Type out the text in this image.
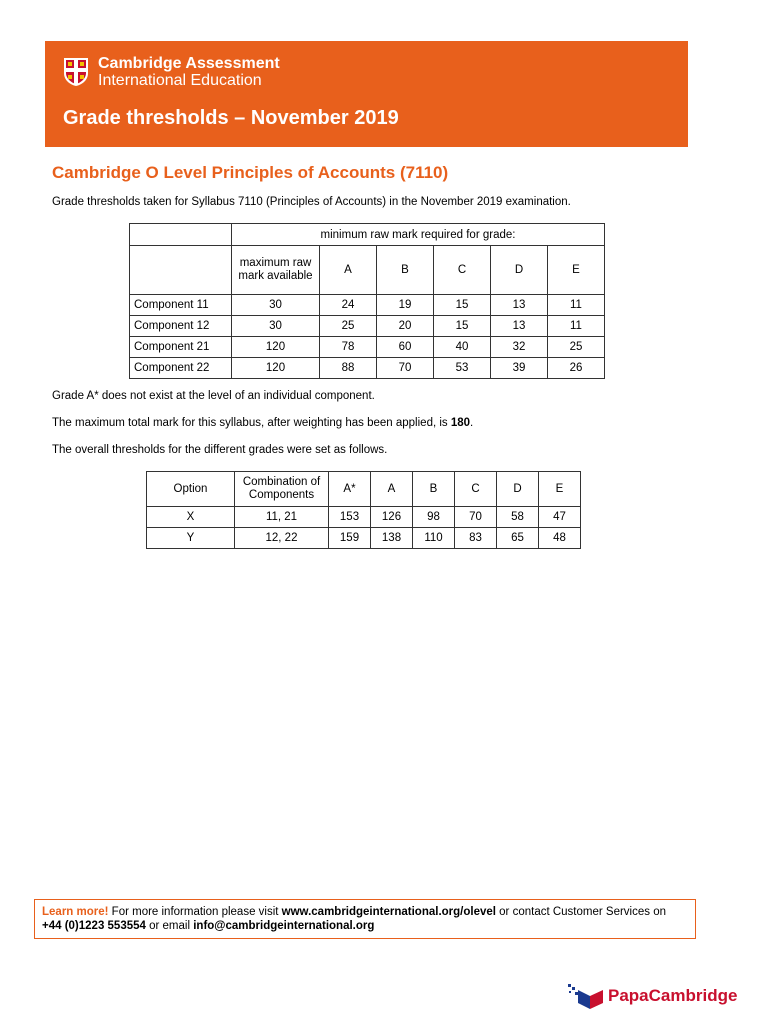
Cambridge Assessment
International Education
Grade thresholds – November 2019
Cambridge O Level Principles of Accounts (7110)
Grade thresholds taken for Syllabus 7110 (Principles of Accounts) in the November 2019 examination.
	minimum raw mark required for grade:					
	maximum raw mark available	A	B	C	D	E
Component 11	30	24	19	15	13	11
Component 12	30	25	20	15	13	11
Component 21	120	78	60	40	32	25
Component 22	120	88	70	53	39	26
Grade A* does not exist at the level of an individual component.
The maximum total mark for this syllabus, after weighting has been applied, is 180.
The overall thresholds for the different grades were set as follows.
Option	Combination of Components	A*	A	B	C	D	E
X	11, 21	153	126	98	70	58	47
Y	12, 22	159	138	110	83	65	48
Learn more! For more information please visit www.cambridgeinternational.org/olevel or contact Customer Services on +44 (0)1223 553554 or email info@cambridgeinternational.org
PapaCambridge
